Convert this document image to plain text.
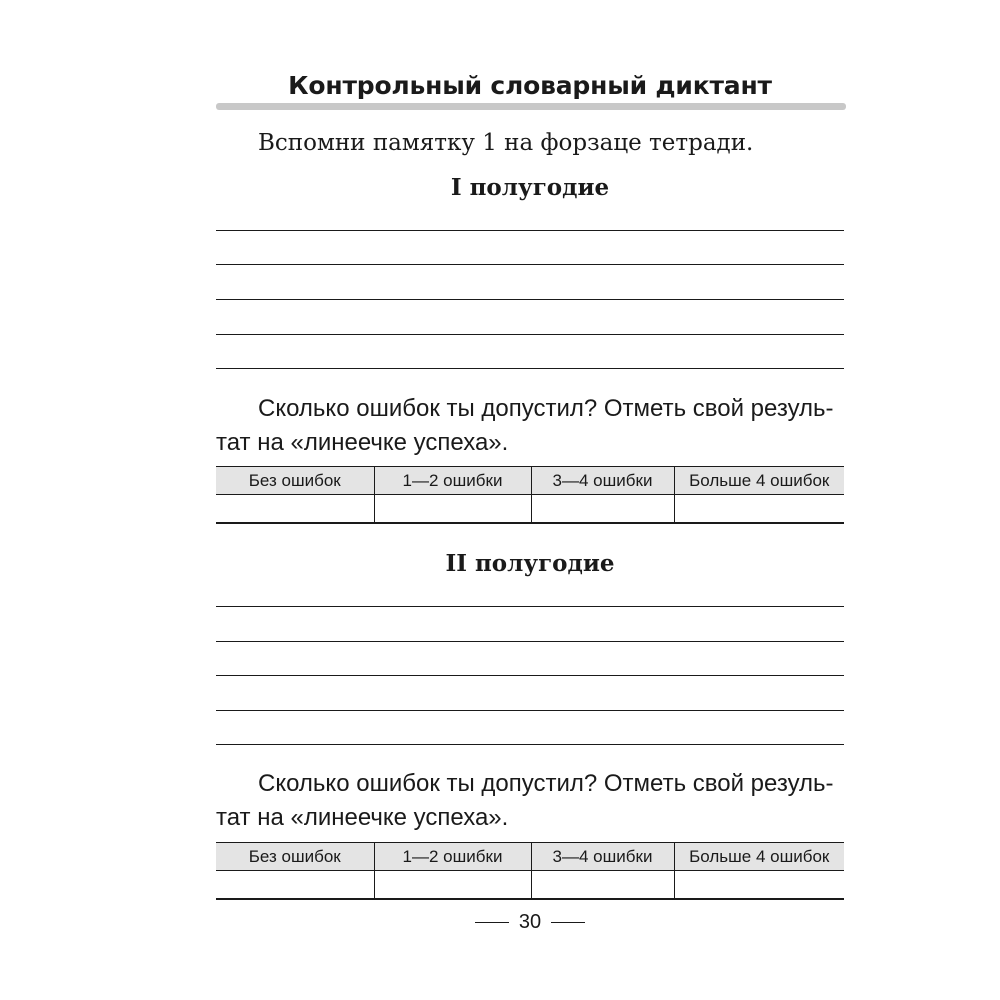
Контрольный словарный диктант
Вспомни памятку 1 на форзаце тетради.
I полугодие
Сколько ошибок ты допустил? Отметь свой резуль-
тат на «линеечке успеха».
Без ошибок	1—2 ошибки	3—4 ошибки	Больше 4 ошибок

II полугодие
Сколько ошибок ты допустил? Отметь свой резуль-
тат на «линеечке успеха».
Без ошибок	1—2 ошибки	3—4 ошибки	Больше 4 ошибок

30
